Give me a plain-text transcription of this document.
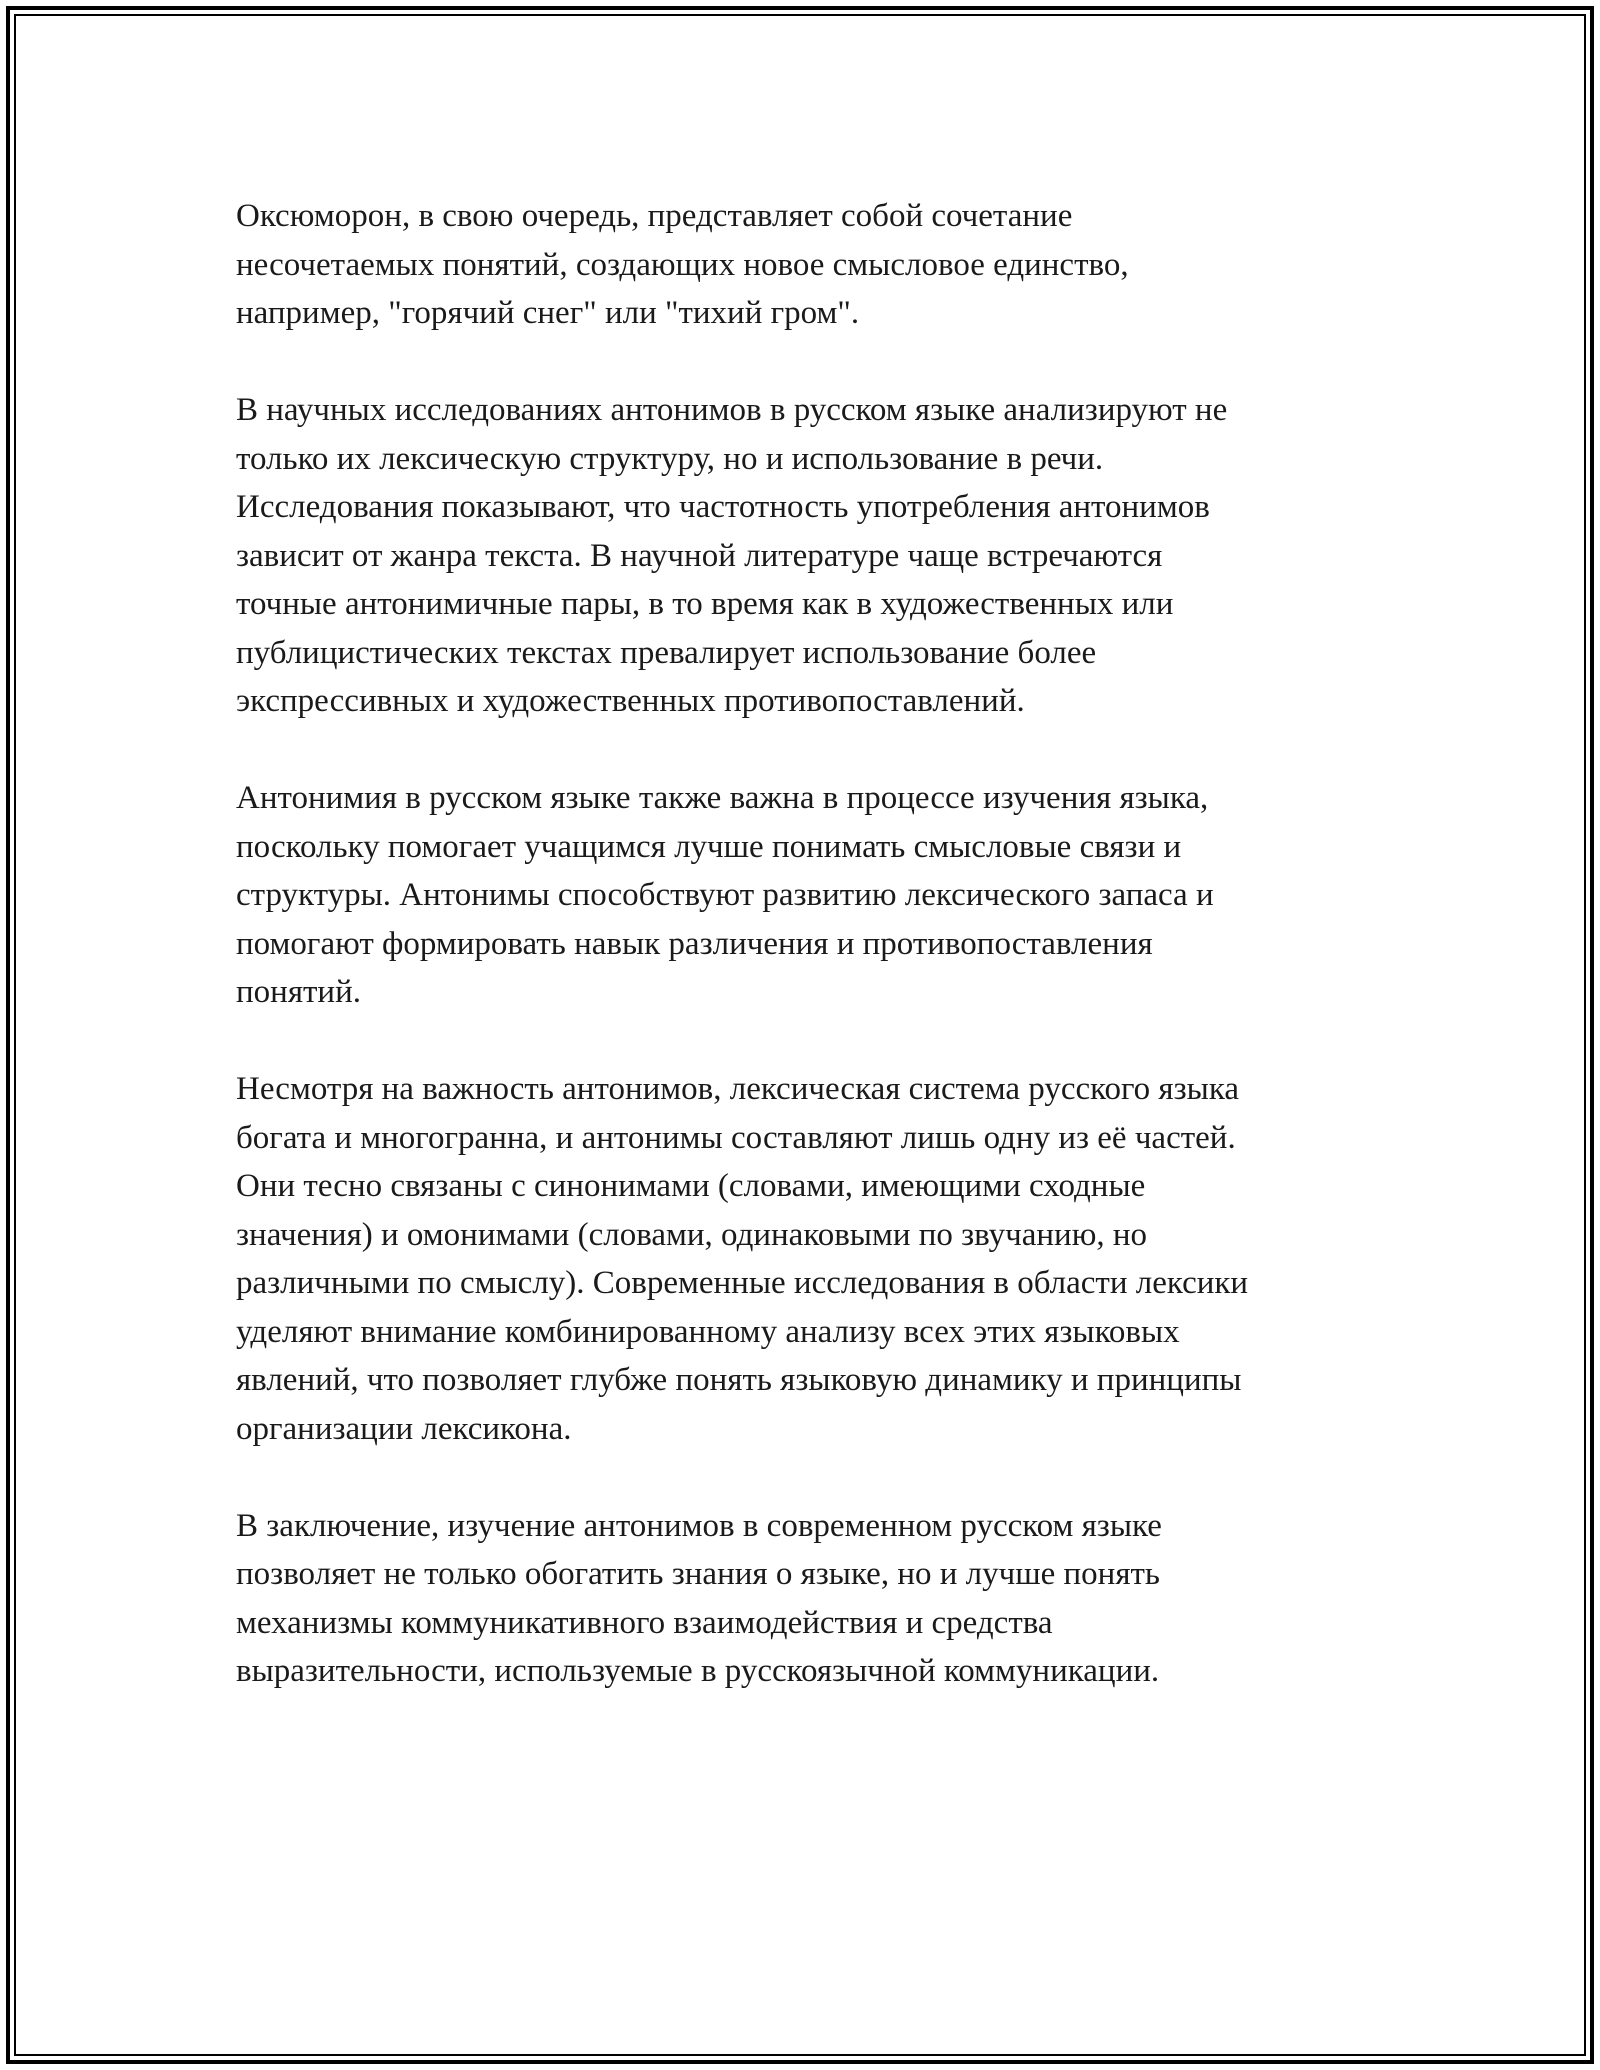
Оксюморон, в свою очередь, представляет собой сочетание
несочетаемых понятий, создающих новое смысловое единство,
например, "горячий снег" или "тихий гром".

В научных исследованиях антонимов в русском языке анализируют не
только их лексическую структуру, но и использование в речи.
Исследования показывают, что частотность употребления антонимов
зависит от жанра текста. В научной литературе чаще встречаются
точные антонимичные пары, в то время как в художественных или
публицистических текстах превалирует использование более
экспрессивных и художественных противопоставлений.

Антонимия в русском языке также важна в процессе изучения языка,
поскольку помогает учащимся лучше понимать смысловые связи и
структуры. Антонимы способствуют развитию лексического запаса и
помогают формировать навык различения и противопоставления
понятий.

Несмотря на важность антонимов, лексическая система русского языка
богата и многогранна, и антонимы составляют лишь одну из её частей.
Они тесно связаны с синонимами (словами, имеющими сходные
значения) и омонимами (словами, одинаковыми по звучанию, но
различными по смыслу). Современные исследования в области лексики
уделяют внимание комбинированному анализу всех этих языковых
явлений, что позволяет глубже понять языковую динамику и принципы
организации лексикона.

В заключение, изучение антонимов в современном русском языке
позволяет не только обогатить знания о языке, но и лучше понять
механизмы коммуникативного взаимодействия и средства
выразительности, используемые в русскоязычной коммуникации.
